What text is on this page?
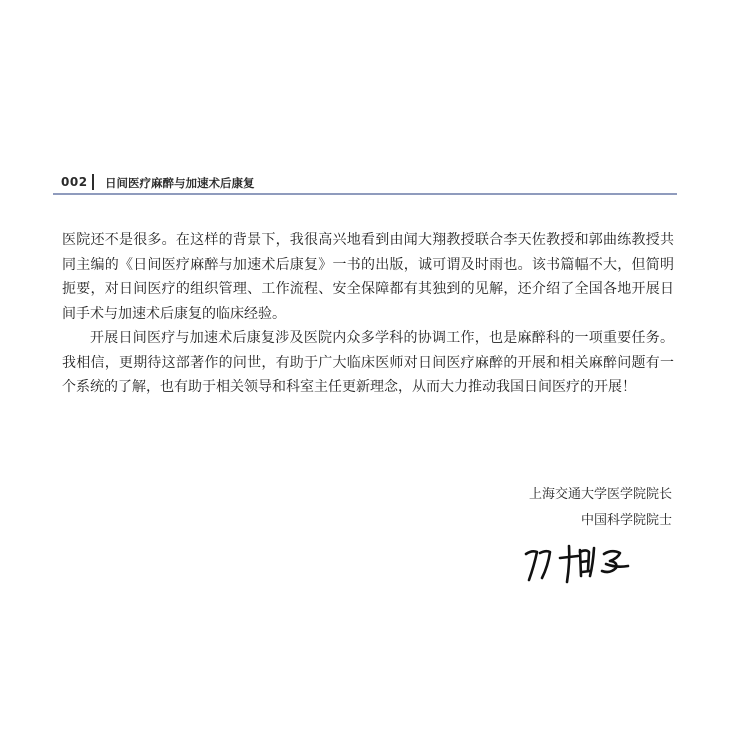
002 日间医疗麻醉与加速术后康复

医院还不是很多。在这样的背景下，我很高兴地看到由闻大翔教授联合李天佐教授和郭曲练教授共同主编的《日间医疗麻醉与加速术后康复》一书的出版，诚可谓及时雨也。该书篇幅不大，但简明扼要，对日间医疗的组织管理、工作流程、安全保障都有其独到的见解，还介绍了全国各地开展日间手术与加速术后康复的临床经验。

开展日间医疗与加速术后康复涉及医院内众多学科的协调工作，也是麻醉科的一项重要任务。我相信，更期待这部著作的问世，有助于广大临床医师对日间医疗麻醉的开展和相关麻醉问题有一个系统的了解，也有助于相关领导和科室主任更新理念，从而大力推动我国日间医疗的开展！

上海交通大学医学院院长
中国科学院院士
